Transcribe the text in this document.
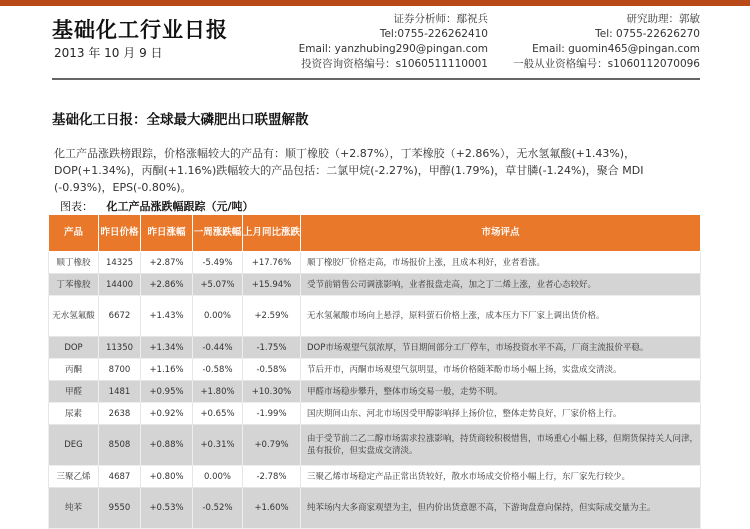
基础化工行业日报
2013 年 10 月 9 日
证券分析师：鄢祝兵
Tel:0755-226262410
Email: yanzhubing290@pingan.com
投资咨询资格编号：s1060511110001
研究助理：郭敏
Tel: 0755-22626270
Email: guomin465@pingan.com
一般从业资格编号：s1060112070096
基础化工日报：全球最大磷肥出口联盟解散
化工产品涨跌榜跟踪，价格涨幅较大的产品有：顺丁橡胶（+2.87%），丁苯橡胶（+2.86%），无水氢氟酸(+1.43%)，DOP(+1.34%)，丙酮(+1.16%)跌幅较大的产品包括：二氯甲烷(-2.27%)，甲醇(1.79%)，草甘膦(-1.24%)，聚合 MDI (-0.93%)，EPS(-0.80%)。
图表： 化工产品涨跌幅跟踪（元/吨）
产品	昨日价格	昨日涨幅	一周涨跌幅	上月同比涨跌	市场评点
顺丁橡胶	14325	+2.87%	-5.49%	+17.76%	顺丁橡胶厂价格走高，市场报价上涨，且成本利好，业者看涨。
丁苯橡胶	14400	+2.86%	+5.07%	+15.94%	受节前销售公司调涨影响，业者报盘走高，加之丁二烯上涨，业者心态较好。
无水氢氟酸	6672	+1.43%	0.00%	+2.59%	无水氢氟酸市场向上悬浮，原料萤石价格上涨，成本压力下厂家上调出货价格。
DOP	11350	+1.34%	-0.44%	-1.75%	DOP市场观望气氛浓厚，节日期间部分工厂停车，市场投资水平不高，厂商主流报价平稳。
丙酮	8700	+1.16%	-0.58%	-0.58%	节后开市，丙酮市场观望气氛明显，市场价格随苯酚市场小幅上扬，实盘成交清淡。
甲醛	1481	+0.95%	+1.80%	+10.30%	甲醛市场稳步攀升，整体市场交易一般，走势不明。
尿素	2638	+0.92%	+0.65%	-1.99%	国庆期间山东、河北市场因受甲醇影响择上扬价位，整体走势良好，厂家价格上行。
DEG	8508	+0.88%	+0.31%	+0.79%	由于受节前二乙二醇市场需求拉涨影响，持货商较积极惜售，市场重心小幅上移，但期货保持关人问津，虽有报价，但实盘成交清淡。
三聚乙烯	4687	+0.80%	0.00%	-2.78%	三聚乙烯市场稳定产品正常出货较好，散水市场成交价格小幅上行，东厂家先行较少。
纯苯	9550	+0.53%	-0.52%	+1.60%	纯苯场内大多商家观望为主，但内价出货意愿不高，下游询盘意向保持，但实际成交量为主。
